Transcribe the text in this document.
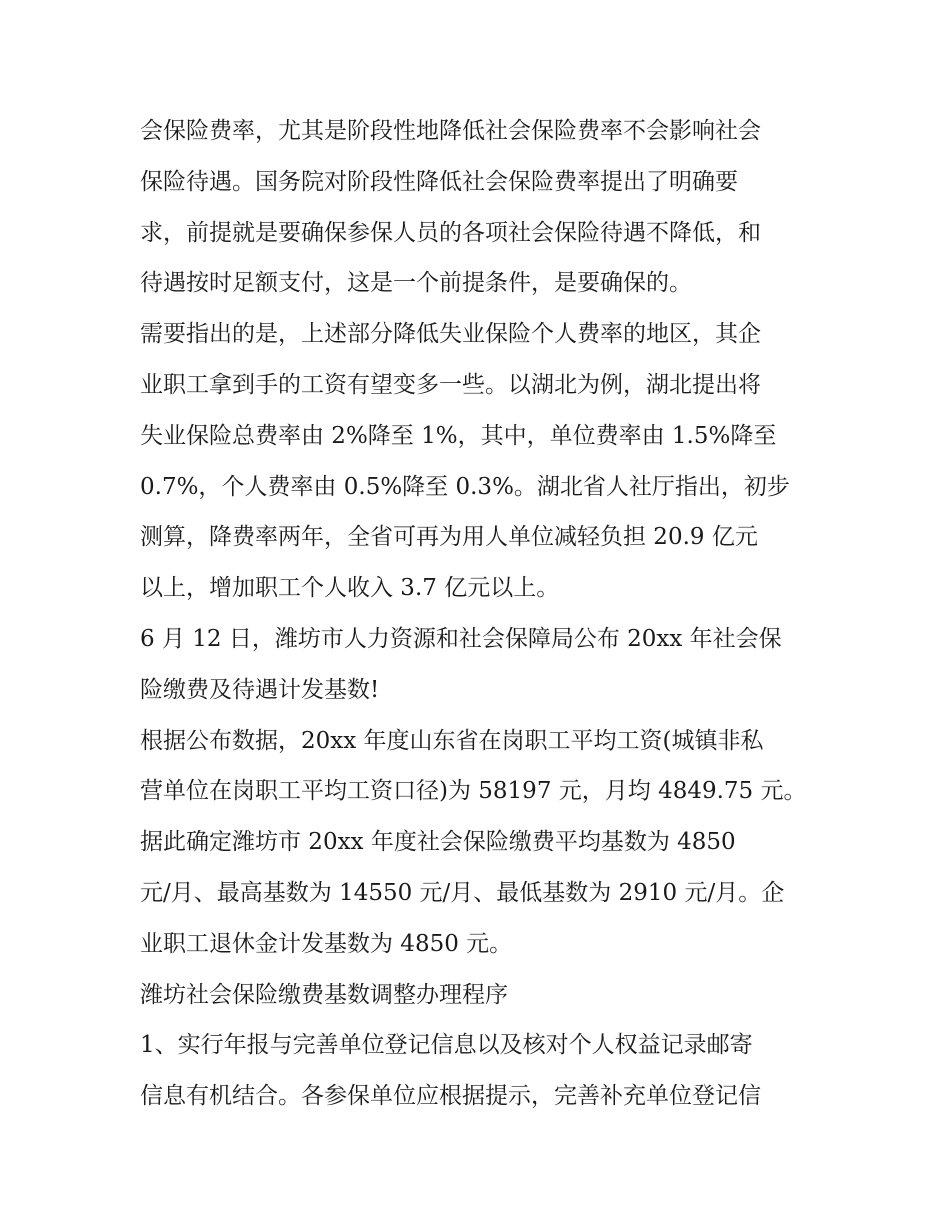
会保险费率，尤其是阶段性地降低社会保险费率不会影响社会
保险待遇。国务院对阶段性降低社会保险费率提出了明确要
求，前提就是要确保参保人员的各项社会保险待遇不降低，和
待遇按时足额支付，这是一个前提条件，是要确保的。
需要指出的是，上述部分降低失业保险个人费率的地区，其企
业职工拿到手的工资有望变多一些。以湖北为例，湖北提出将
失业保险总费率由 2%降至 1%，其中，单位费率由 1.5%降至
0.7%，个人费率由 0.5%降至 0.3%。湖北省人社厅指出，初步
测算，降费率两年，全省可再为用人单位减轻负担 20.9 亿元
以上，增加职工个人收入 3.7 亿元以上。
6 月 12 日，潍坊市人力资源和社会保障局公布 20xx 年社会保
险缴费及待遇计发基数!
根据公布数据，20xx 年度山东省在岗职工平均工资(城镇非私
营单位在岗职工平均工资口径)为 58197 元，月均 4849.75 元。
据此确定潍坊市 20xx 年度社会保险缴费平均基数为 4850
元/月、最高基数为 14550 元/月、最低基数为 2910 元/月。企
业职工退休金计发基数为 4850 元。
潍坊社会保险缴费基数调整办理程序
1、实行年报与完善单位登记信息以及核对个人权益记录邮寄
信息有机结合。各参保单位应根据提示，完善补充单位登记信
